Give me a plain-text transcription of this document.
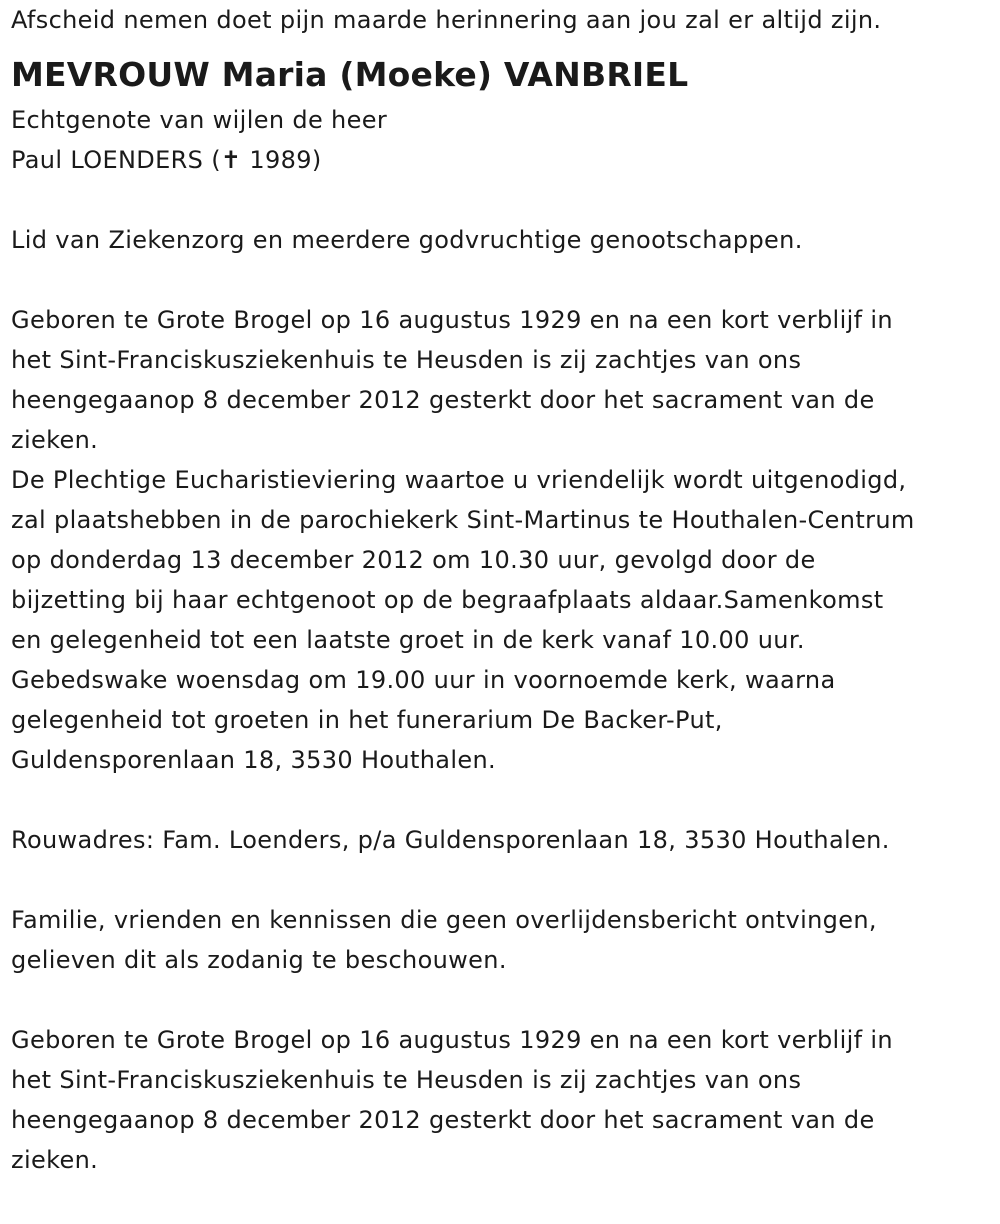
Afscheid nemen doet pijn maarde herinnering aan jou zal er altijd zijn.
MEVROUW Maria (Moeke) VANBRIEL
Echtgenote van wijlen de heer
Paul LOENDERS (✝ 1989)
Lid van Ziekenzorg en meerdere godvruchtige genootschappen.
Geboren te Grote Brogel op 16 augustus 1929 en na een kort verblijf in
het Sint-Franciskusziekenhuis te Heusden is zij zachtjes van ons
heengegaanop 8 december 2012 gesterkt door het sacrament van de
zieken.
De Plechtige Eucharistieviering waartoe u vriendelijk wordt uitgenodigd,
zal plaatshebben in de parochiekerk Sint-Martinus te Houthalen-Centrum
op donderdag 13 december 2012 om 10.30 uur, gevolgd door de
bijzetting bij haar echtgenoot op de begraafplaats aldaar.Samenkomst
en gelegenheid tot een laatste groet in de kerk vanaf 10.00 uur.
Gebedswake woensdag om 19.00 uur in voornoemde kerk, waarna
gelegenheid tot groeten in het funerarium De Backer-Put,
Guldensporenlaan 18, 3530 Houthalen.
Rouwadres: Fam. Loenders, p/a Guldensporenlaan 18, 3530 Houthalen.
Familie, vrienden en kennissen die geen overlijdensbericht ontvingen,
gelieven dit als zodanig te beschouwen.
Geboren te Grote Brogel op 16 augustus 1929 en na een kort verblijf in
het Sint-Franciskusziekenhuis te Heusden is zij zachtjes van ons
heengegaanop 8 december 2012 gesterkt door het sacrament van de
zieken.
